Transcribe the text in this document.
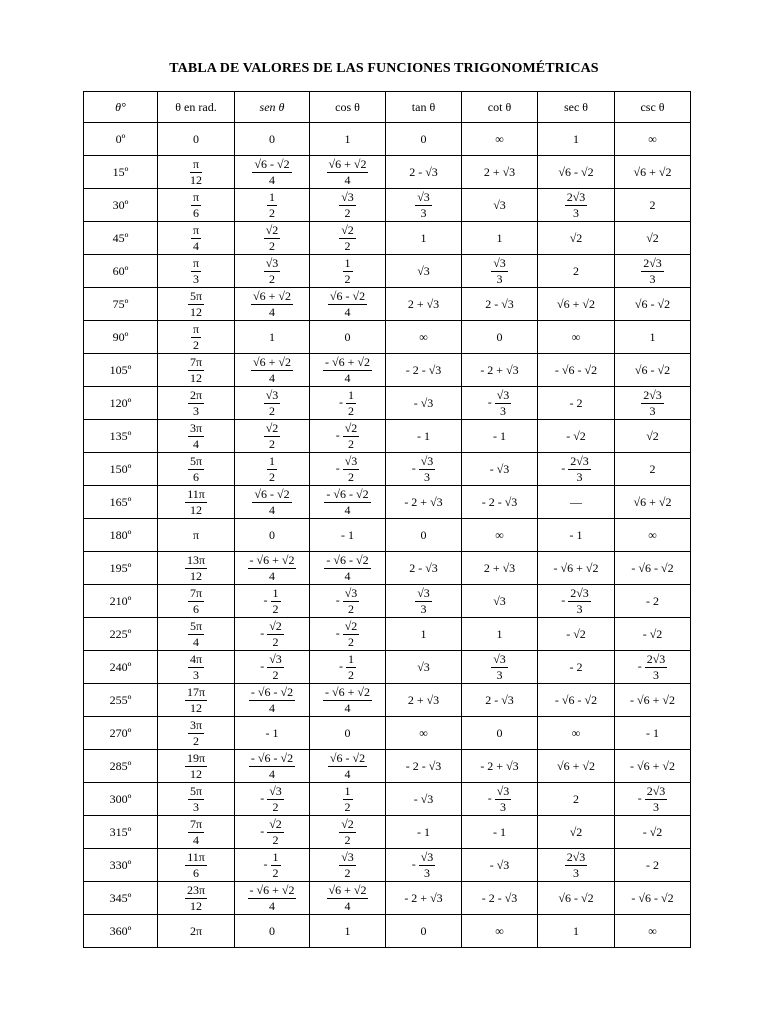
TABLA DE VALORES DE LAS FUNCIONES TRIGONOMÉTRICAS
θ°	θ en rad.	sen θ	cos θ	tan θ	cot θ	sec θ	csc θ
0º	0	0	1	0	∞	1	∞
15º	$\frac{\pi}{12}$	$\frac{√6 - √2}{4}$	$\frac{√6 + √2}{4}$	2 - √3	2 + √3	√6 - √2	√6 + √2
30º	$\frac{\pi}{6}$	$\frac{1}{2}$	$\frac{√3}{2}$	$\frac{√3}{3}$	√3	$\frac{2√3}{3}$	2
45º	$\frac{\pi}{4}$	$\frac{√2}{2}$	$\frac{√2}{2}$	1	1	√2	√2
60º	$\frac{\pi}{3}$	$\frac{√3}{2}$	$\frac{1}{2}$	√3	$\frac{√3}{3}$	2	$\frac{2√3}{3}$

75º	$\frac{5\pi}{12}$	$\frac{√6 + √2}{4}$	$\frac{√6 - √2}{4}$	2 + √3	2 - √3	√6 + √2	√6 - √2
90º	$\frac{\pi}{2}$	1	0	∞	0	∞	1
105º	$\frac{7\pi}{12}$	$\frac{√6 + √2}{4}$	$\frac{- √6 + √2}{4}$	- 2 - √3	- 2 + √3	- √6 - √2	√6 - √2
120º	$\frac{2\pi}{3}$	$\frac{√3}{2}$	- $\frac{1}{2}$	- √3	- $\frac{√3}{3}$	- 2	$\frac{2√3}{3}$

135º	$\frac{3\pi}{4}$	$\frac{√2}{2}$	- $\frac{√2}{2}$	- 1	- 1	- √2	√2
150º	$\frac{5\pi}{6}$	$\frac{1}{2}$	- $\frac{√3}{2}$	- $\frac{√3}{3}$	- √3	- $\frac{2√3}{3}$	2
165º	$\frac{11\pi}{12}$	$\frac{√6 - √2}{4}$	$\frac{- √6 - √2}{4}$	- 2 + √3	- 2 - √3	—	√6 + √2
180º	π	0	- 1	0	∞	- 1	∞
195º	$\frac{13\pi}{12}$	$\frac{- √6 + √2}{4}$	$\frac{- √6 - √2}{4}$	2 - √3	2 + √3	- √6 + √2	- √6 - √2
210º	$\frac{7\pi}{6}$	- $\frac{1}{2}$	- $\frac{√3}{2}$	$\frac{√3}{3}$	√3	- $\frac{2√3}{3}$	- 2
225º	$\frac{5\pi}{4}$	- $\frac{√2}{2}$	- $\frac{√2}{2}$	1	1	- √2	- √2
240º	$\frac{4\pi}{3}$	- $\frac{√3}{2}$	- $\frac{1}{2}$	√3	$\frac{√3}{3}$	- 2	- $\frac{2√3}{3}$

255º	$\frac{17\pi}{12}$	$\frac{- √6 - √2}{4}$	$\frac{- √6 + √2}{4}$	2 + √3	2 - √3	- √6 - √2	- √6 + √2
270º	$\frac{3\pi}{2}$	- 1	0	∞	0	∞	- 1
285º	$\frac{19\pi}{12}$	$\frac{- √6 - √2}{4}$	$\frac{√6 - √2}{4}$	- 2 - √3	- 2 + √3	√6 + √2	- √6 + √2
300º	$\frac{5\pi}{3}$	- $\frac{√3}{2}$	$\frac{1}{2}$	- √3	- $\frac{√3}{3}$	2	- $\frac{2√3}{3}$

315º	$\frac{7\pi}{4}$	- $\frac{√2}{2}$	$\frac{√2}{2}$	- 1	- 1	√2	- √2
330º	$\frac{11\pi}{6}$	- $\frac{1}{2}$	$\frac{√3}{2}$	- $\frac{√3}{3}$	- √3	$\frac{2√3}{3}$	- 2
345º	$\frac{23\pi}{12}$	$\frac{- √6 + √2}{4}$	$\frac{√6 + √2}{4}$	- 2 + √3	- 2 - √3	√6 - √2	- √6 - √2
360º	2π	0	1	0	∞	1	∞
